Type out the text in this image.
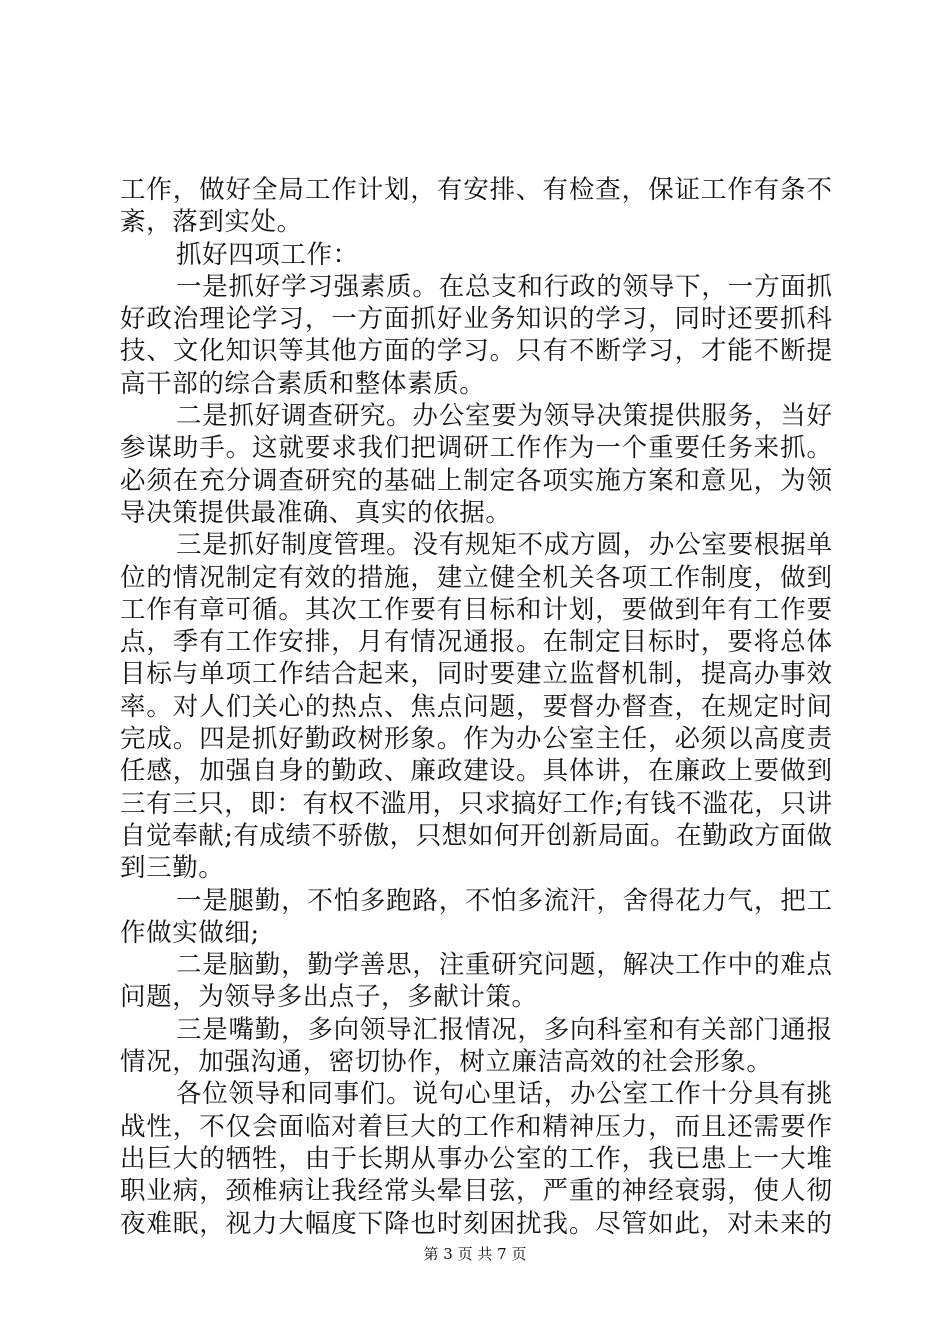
工作，做好全局工作计划，有安排、有检查，保证工作有条不
紊，落到实处。
抓好四项工作：
一是抓好学习强素质。在总支和行政的领导下，一方面抓
好政治理论学习，一方面抓好业务知识的学习，同时还要抓科
技、文化知识等其他方面的学习。只有不断学习，才能不断提
高干部的综合素质和整体素质。
二是抓好调查研究。办公室要为领导决策提供服务，当好
参谋助手。这就要求我们把调研工作作为一个重要任务来抓。
必须在充分调查研究的基础上制定各项实施方案和意见，为领
导决策提供最准确、真实的依据。
三是抓好制度管理。没有规矩不成方圆，办公室要根据单
位的情况制定有效的措施，建立健全机关各项工作制度，做到
工作有章可循。其次工作要有目标和计划，要做到年有工作要
点，季有工作安排，月有情况通报。在制定目标时，要将总体
目标与单项工作结合起来，同时要建立监督机制，提高办事效
率。对人们关心的热点、焦点问题，要督办督查，在规定时间
完成。四是抓好勤政树形象。作为办公室主任，必须以高度责
任感，加强自身的勤政、廉政建设。具体讲，在廉政上要做到
三有三只，即：有权不滥用，只求搞好工作;有钱不滥花，只讲
自觉奉献;有成绩不骄傲，只想如何开创新局面。在勤政方面做
到三勤。
一是腿勤，不怕多跑路，不怕多流汗，舍得花力气，把工
作做实做细;
二是脑勤，勤学善思，注重研究问题，解决工作中的难点
问题，为领导多出点子，多献计策。
三是嘴勤，多向领导汇报情况，多向科室和有关部门通报
情况，加强沟通，密切协作，树立廉洁高效的社会形象。
各位领导和同事们。说句心里话，办公室工作十分具有挑
战性，不仅会面临对着巨大的工作和精神压力，而且还需要作
出巨大的牺牲，由于长期从事办公室的工作，我已患上一大堆
职业病，颈椎病让我经常头晕目弦，严重的神经衰弱，使人彻
夜难眠，视力大幅度下降也时刻困扰我。尽管如此，对未来的
第 3 页 共 7 页
